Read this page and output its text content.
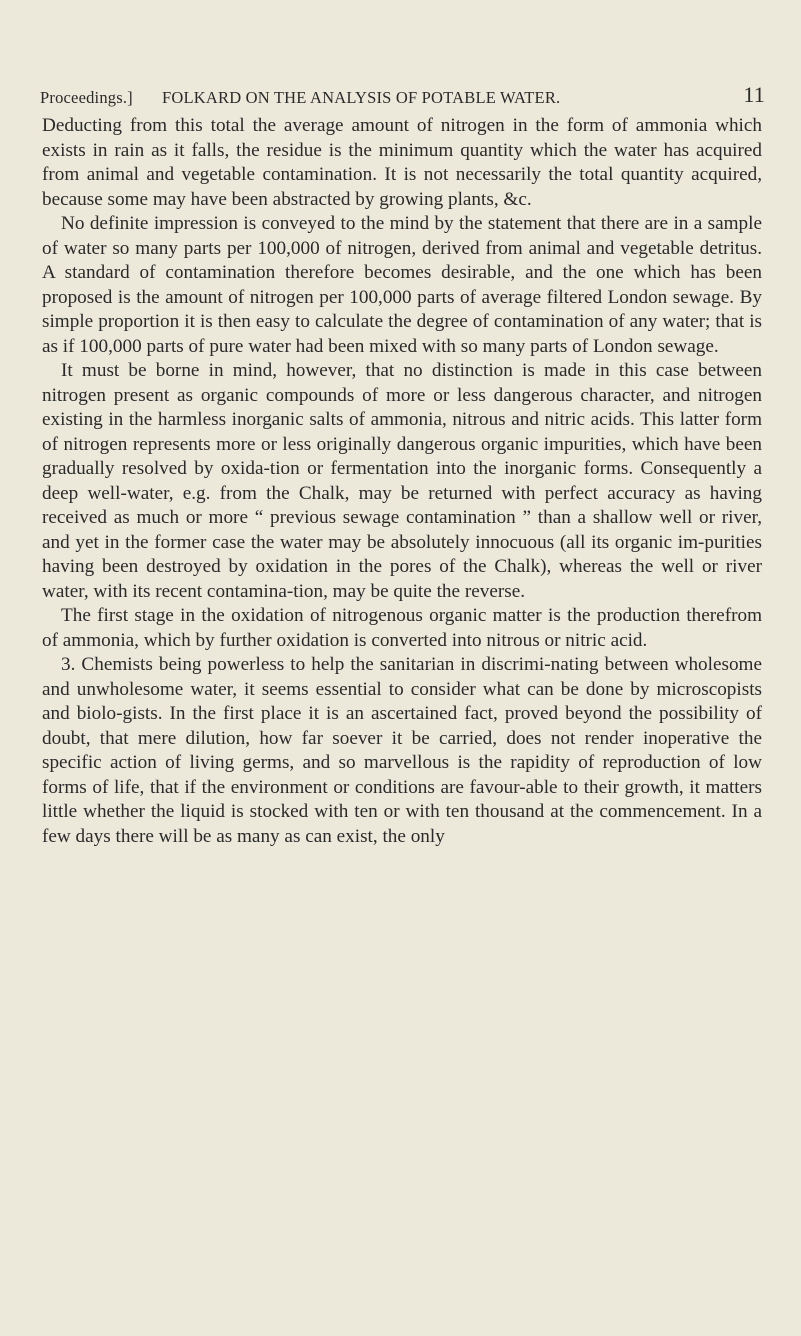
Proceedings.] FOLKARD ON THE ANALYSIS OF POTABLE WATER.	11

Deducting from this total the average amount of nitrogen in the form of ammonia which exists in rain as it falls, the residue is the minimum quantity which the water has acquired from animal and vegetable contamination. It is not necessarily the total quantity acquired, because some may have been abstracted by growing plants, &c.

No definite impression is conveyed to the mind by the statement that there are in a sample of water so many parts per 100,000 of nitrogen, derived from animal and vegetable detritus. A standard of contamination therefore becomes desirable, and the one which has been proposed is the amount of nitrogen per 100,000 parts of average filtered London sewage. By simple proportion it is then easy to calculate the degree of contamination of any water; that is as if 100,000 parts of pure water had been mixed with so many parts of London sewage.

It must be borne in mind, however, that no distinction is made in this case between nitrogen present as organic compounds of more or less dangerous character, and nitrogen existing in the harmless inorganic salts of ammonia, nitrous and nitric acids. This latter form of nitrogen represents more or less originally dangerous organic impurities, which have been gradually resolved by oxida-tion or fermentation into the inorganic forms. Consequently a deep well-water, e.g. from the Chalk, may be returned with perfect accuracy as having received as much or more “ previous sewage contamination ” than a shallow well or river, and yet in the former case the water may be absolutely innocuous (all its organic im-purities having been destroyed by oxidation in the pores of the Chalk), whereas the well or river water, with its recent contamina-tion, may be quite the reverse.

The first stage in the oxidation of nitrogenous organic matter is the production therefrom of ammonia, which by further oxidation is converted into nitrous or nitric acid.

3. Chemists being powerless to help the sanitarian in discrimi-nating between wholesome and unwholesome water, it seems essential to consider what can be done by microscopists and biolo-gists. In the first place it is an ascertained fact, proved beyond the possibility of doubt, that mere dilution, how far soever it be carried, does not render inoperative the specific action of living germs, and so marvellous is the rapidity of reproduction of low forms of life, that if the environment or conditions are favour-able to their growth, it matters little whether the liquid is stocked with ten or with ten thousand at the commencement. In a few days there will be as many as can exist, the only
